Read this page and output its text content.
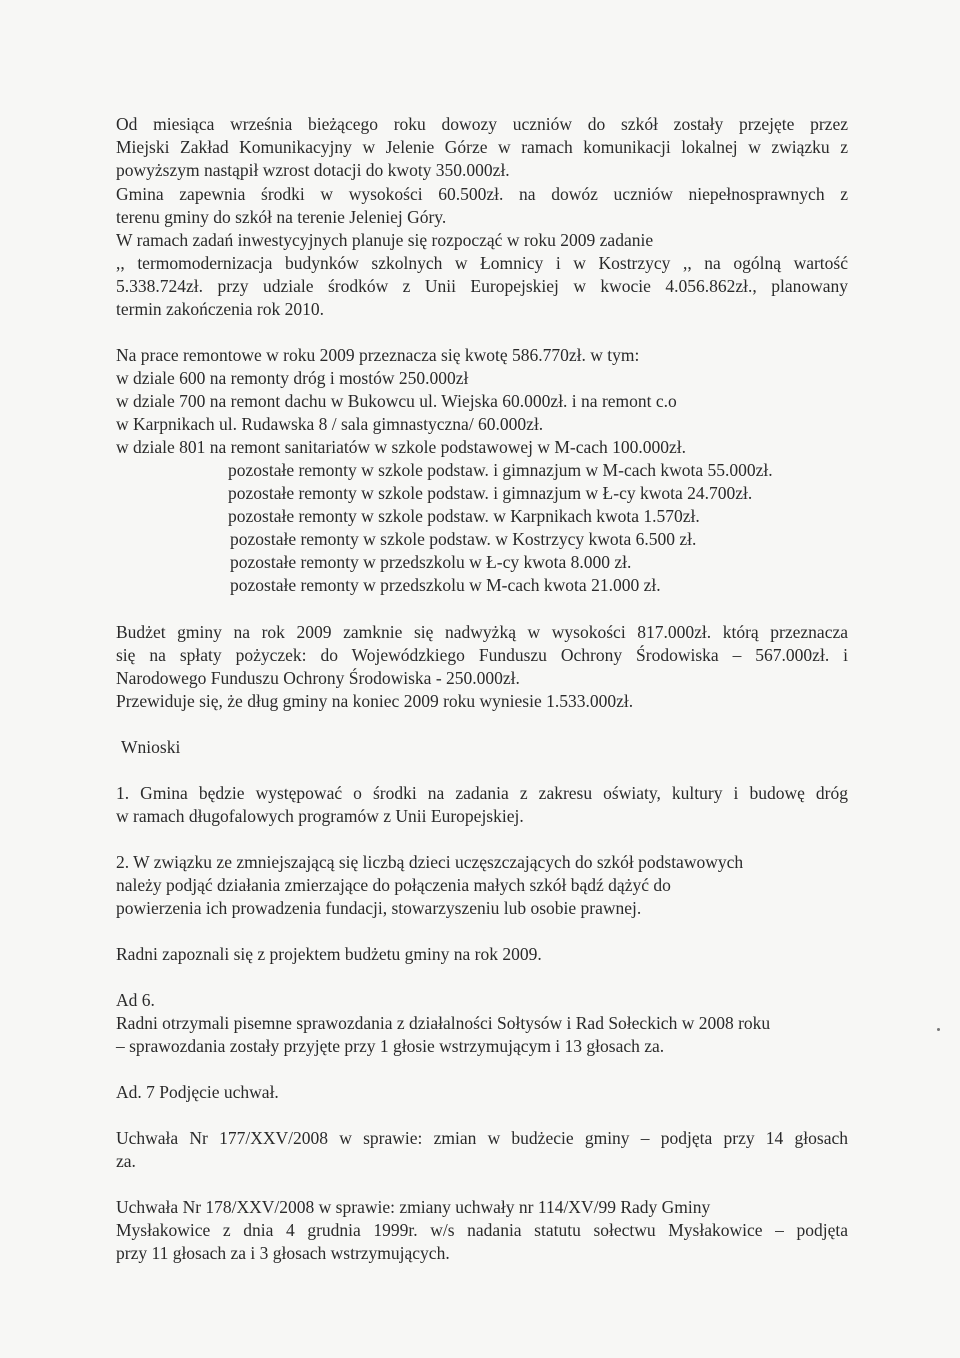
Od miesiąca września bieżącego roku dowozy uczniów do szkół zostały przejęte przez
Miejski Zakład Komunikacyjny w Jelenie Górze w ramach komunikacji lokalnej w związku z
powyższym nastąpił wzrost dotacji do kwoty 350.000zł.
Gmina zapewnia środki w wysokości 60.500zł. na dowóz uczniów niepełnosprawnych z
terenu gminy do szkół na terenie Jeleniej Góry.
W ramach zadań inwestycyjnych planuje się rozpocząć w roku 2009 zadanie
,, termomodernizacja budynków szkolnych w Łomnicy i w Kostrzycy ,, na ogólną wartość
5.338.724zł. przy udziale środków z Unii Europejskiej w kwocie 4.056.862zł., planowany
termin zakończenia rok 2010.
Na prace remontowe w roku 2009 przeznacza się kwotę 586.770zł. w tym:
w dziale 600 na remonty dróg i mostów 250.000zł
w dziale 700 na remont dachu w Bukowcu ul. Wiejska 60.000zł. i na remont c.o
w Karpnikach ul. Rudawska 8 / sala gimnastyczna/ 60.000zł.
w dziale 801 na remont sanitariatów w szkole podstawowej w M-cach 100.000zł.
pozostałe remonty w szkole podstaw. i gimnazjum w M-cach kwota 55.000zł.
pozostałe remonty w szkole podstaw. i gimnazjum w Ł-cy kwota 24.700zł.
pozostałe remonty w szkole podstaw. w Karpnikach kwota 1.570zł.
pozostałe remonty w szkole podstaw. w Kostrzycy kwota 6.500 zł.
pozostałe remonty w przedszkolu w Ł-cy kwota 8.000 zł.
pozostałe remonty w przedszkolu w M-cach kwota 21.000 zł.
Budżet gminy na rok 2009 zamknie się nadwyżką w wysokości 817.000zł. którą przeznacza
się na spłaty pożyczek: do Wojewódzkiego Funduszu Ochrony Środowiska – 567.000zł. i
Narodowego Funduszu Ochrony Środowiska - 250.000zł.
Przewiduje się, że dług gminy na koniec 2009 roku wyniesie 1.533.000zł.
Wnioski
1. Gmina będzie występować o środki na zadania z zakresu oświaty, kultury i budowę dróg
w ramach długofalowych programów z Unii Europejskiej.
2. W związku ze zmniejszającą się liczbą dzieci uczęszczających do szkół podstawowych
należy podjąć działania zmierzające do połączenia małych szkół bądź dążyć do
powierzenia ich prowadzenia fundacji, stowarzyszeniu lub osobie prawnej.
Radni zapoznali się z projektem budżetu gminy na rok 2009.
Ad 6.
Radni otrzymali pisemne sprawozdania z działalności Sołtysów i Rad Sołeckich w 2008 roku
– sprawozdania zostały przyjęte przy 1 głosie wstrzymującym i 13 głosach za.
Ad. 7 Podjęcie uchwał.
Uchwała Nr 177/XXV/2008 w sprawie: zmian w budżecie gminy – podjęta przy 14 głosach
za.
Uchwała Nr 178/XXV/2008 w sprawie: zmiany uchwały nr 114/XV/99 Rady Gminy
Mysłakowice z dnia 4 grudnia 1999r. w/s nadania statutu sołectwu Mysłakowice – podjęta
przy 11 głosach za i 3 głosach wstrzymujących.
